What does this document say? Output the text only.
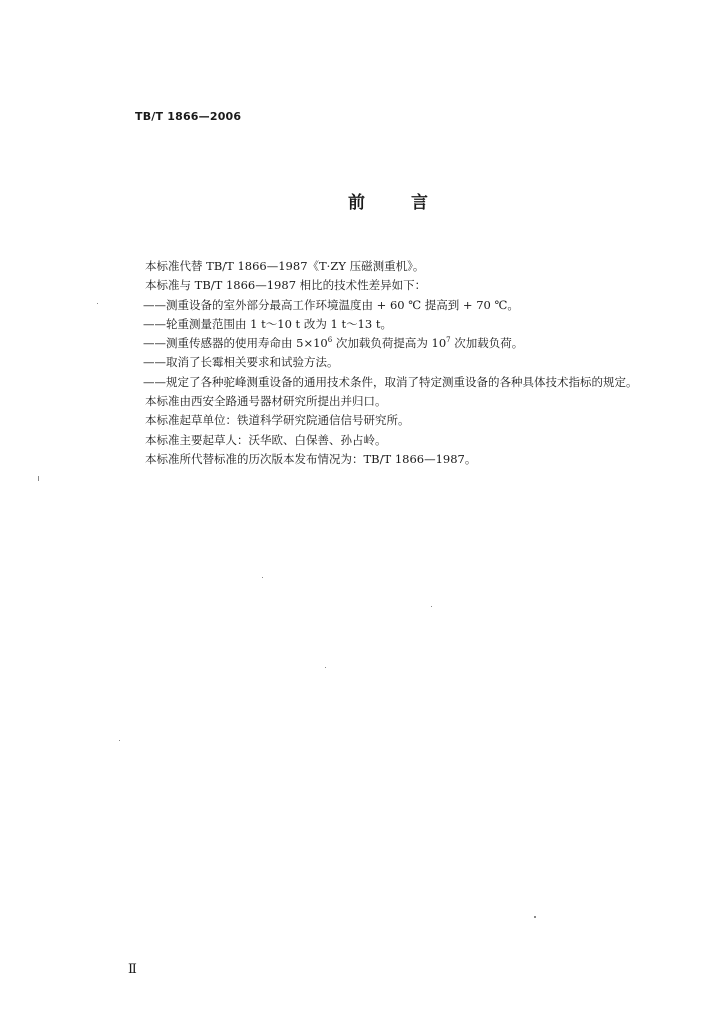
TB/T 1866—2006
前	言
本标准代替 TB/T 1866—1987《T·ZY 压磁测重机》。
本标准与 TB/T 1866—1987 相比的技术性差异如下：
——测重设备的室外部分最高工作环境温度由 + 60 ℃ 提高到 + 70 ℃。
——轮重测量范围由 1 t～10 t 改为 1 t～13 t。
——测重传感器的使用寿命由 $5\times 10^6$ 次加载负荷提高为 $10^7$ 次加载负荷。
——取消了长霉相关要求和试验方法。
——规定了各种驼峰测重设备的通用技术条件，取消了特定测重设备的各种具体技术指标的规定。
本标准由西安全路通号器材研究所提出并归口。
本标准起草单位：铁道科学研究院通信信号研究所。
本标准主要起草人：沃华欧、白保善、孙占岭。
本标准所代替标准的历次版本发布情况为：TB/T 1866—1987。
Ⅱ
